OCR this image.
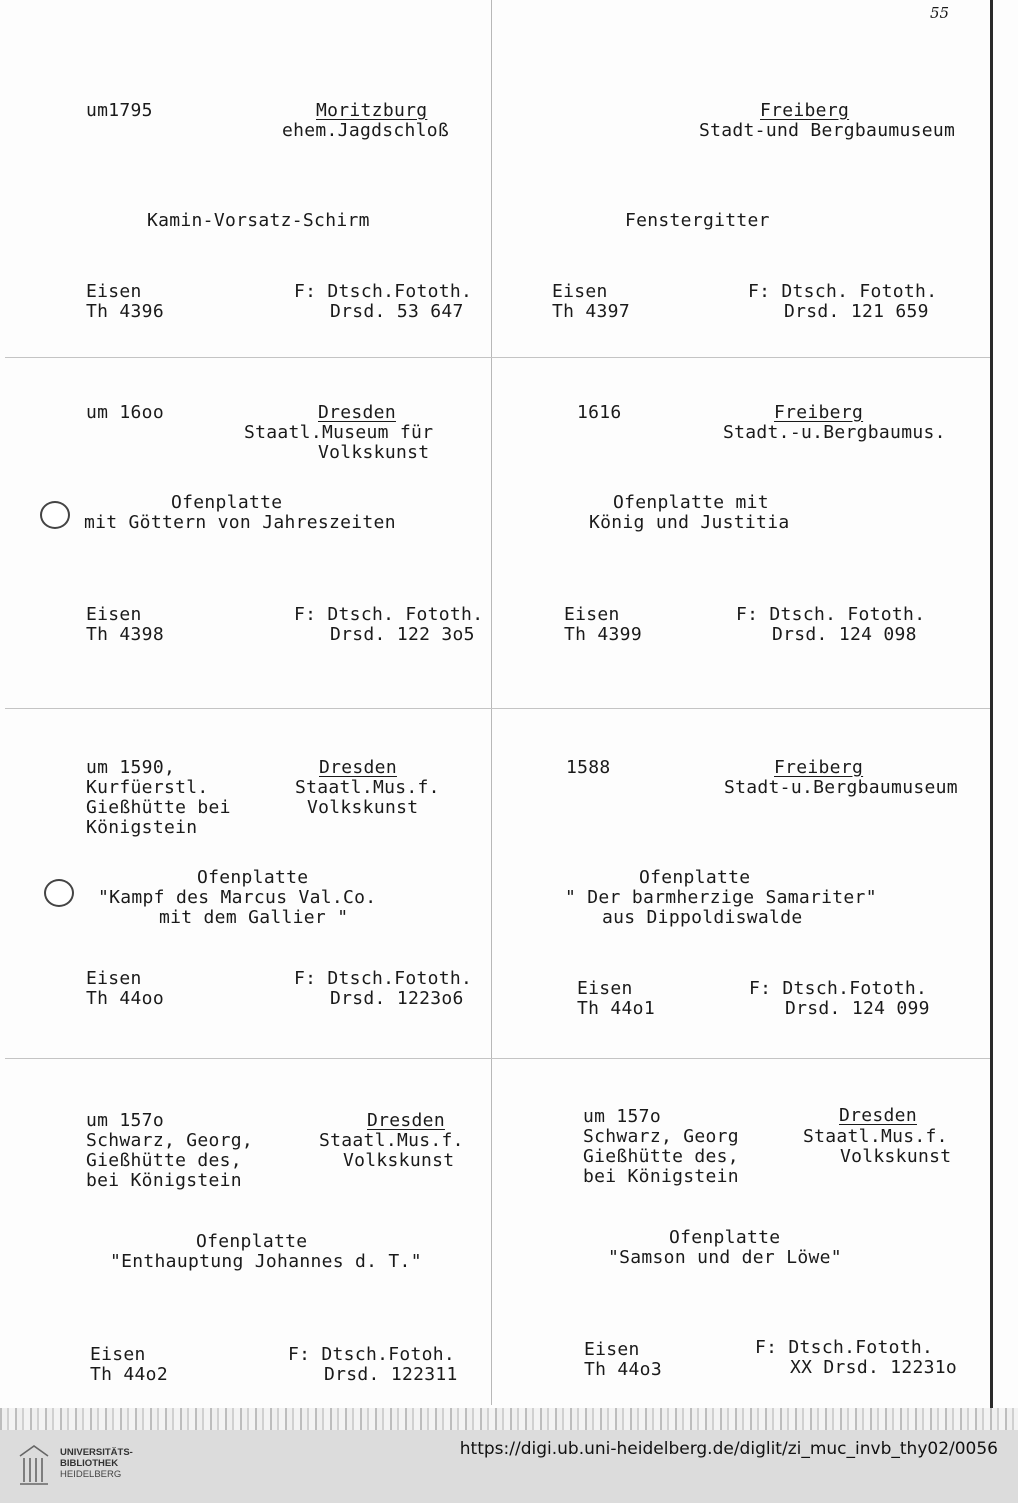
55
um1795	Moritzburg
ehem.Jagdschloß
Kamin-Vorsatz-Schirm
Eisen
Th 4396
F: Dtsch.Fototh.
Drsd. 53 647
Freiberg
Stadt-und Bergbaumuseum
Fenstergitter
Eisen
Th 4397
F: Dtsch. Fototh.
Drsd. 121 659
um 16oo	Dresden
Staatl.Museum für
Volkskunst
Ofenplatte
mit Göttern von Jahreszeiten
Eisen
Th 4398
F: Dtsch. Fototh.
Drsd. 122 3o5
1616	Freiberg
Stadt.-u.Bergbaumus.
Ofenplatte mit
König und Justitia
Eisen
Th 4399
F: Dtsch. Fototh.
Drsd. 124 098
um 1590,
Kurfüerstl.
Gießhütte bei
Königstein
Dresden
Staatl.Mus.f.
Volkskunst
Ofenplatte
"Kampf des Marcus Val.Co.
mit dem Gallier "
Eisen
Th 44oo
F: Dtsch.Fototh.
Drsd. 1223o6
1588	Freiberg
Stadt-u.Bergbaumuseum
Ofenplatte
" Der barmherzige Samariter"
aus Dippoldiswalde
Eisen
Th 44o1
F: Dtsch.Fototh.
Drsd. 124 099
um 157o
Schwarz, Georg,
Gießhütte des,
bei Königstein
Dresden
Staatl.Mus.f.
Volkskunst
Ofenplatte
"Enthauptung Johannes d. T."
Eisen
Th 44o2
F: Dtsch.Fotoh.
Drsd. 122311
um 157o
Schwarz, Georg
Gießhütte des,
bei Königstein
Dresden
Staatl.Mus.f.
Volkskunst
Ofenplatte
"Samson und der Löwe"
Eisen
Th 44o3
F: Dtsch.Fototh.
XX Drsd. 12231o
UNIVERSITÄTS-
BIBLIOTHEK
HEIDELBERG
https://digi.ub.uni-heidelberg.de/diglit/zi_muc_invb_thy02/0056
